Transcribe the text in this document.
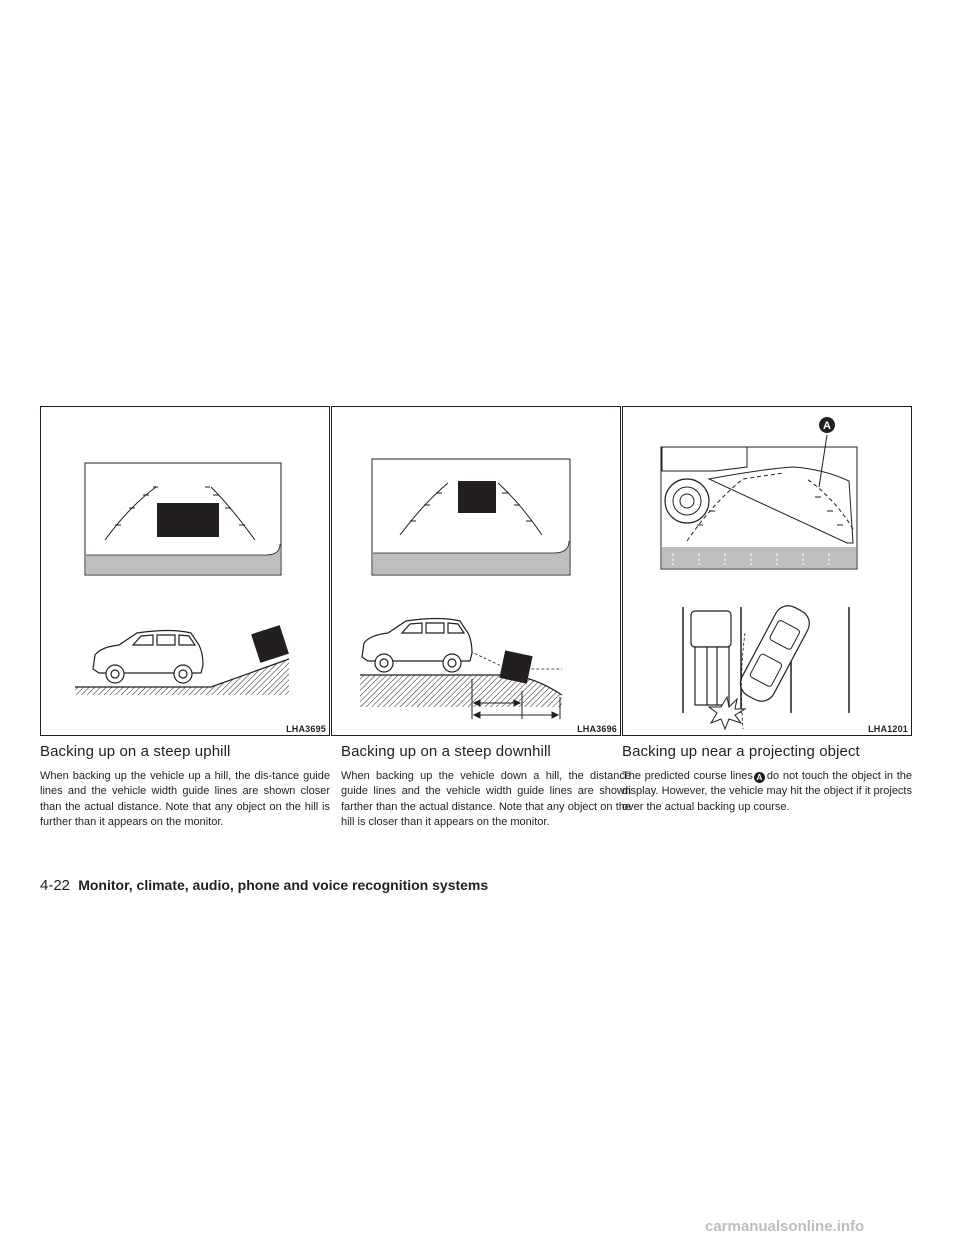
LHA3695	LHA3696
A
LHA1201
Backing up on a steep uphill

When backing up the vehicle up a hill, the dis-tance guide lines and the vehicle width guide lines are shown closer than the actual distance. Note that any object on the hill is further than it appears on the monitor.

Backing up on a steep downhill

When backing up the vehicle down a hill, the distance guide lines and the vehicle width guide lines are shown farther than the actual distance. Note that any object on the hill is closer than it appears on the monitor.

Backing up near a projecting object

The predicted course lines A do not touch the object in the display. However, the vehicle may hit the object if it projects over the actual backing up course.

4-22 Monitor, climate, audio, phone and voice recognition systems
carmanualsonline.info
